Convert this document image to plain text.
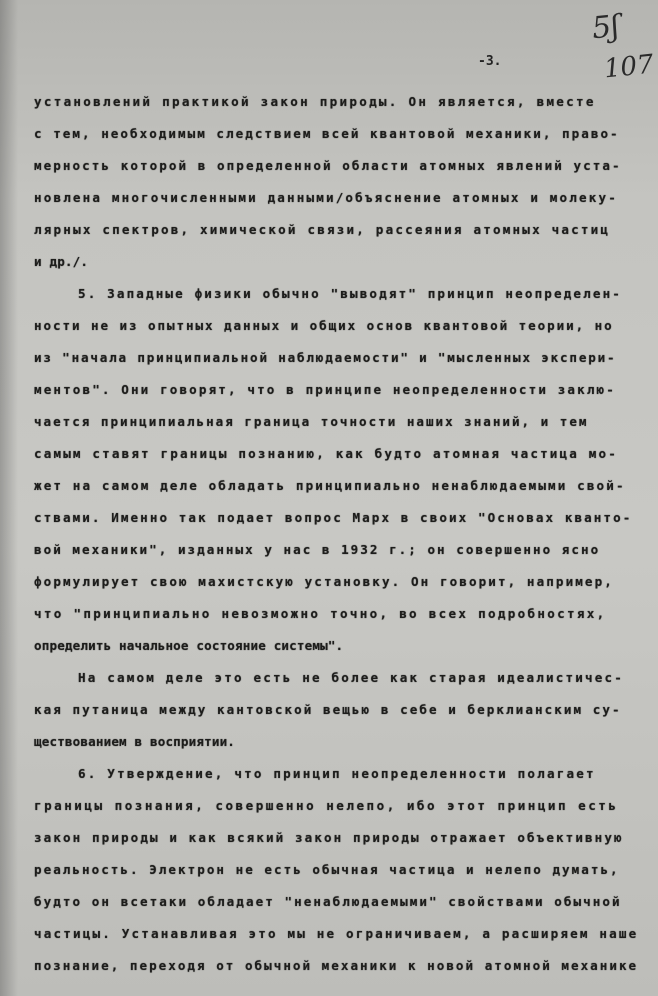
5ʃ
107
-3.
установлений практикой закон природы. Он является, вместе
с тем, необходимым следствием всей квантовой механики, право-
мерность которой в определенной области атомных явлений уста-
новлена многочисленными данными/объяснение атомных и молеку-
лярных спектров, химической связи, рассеяния атомных частиц
и др./.
5. Западные физики обычно "выводят" принцип неопределен-
ности не из опытных данных и общих основ квантовой теории, но
из "начала принципиальной наблюдаемости" и "мысленных экспери-
ментов". Они говорят, что в принципе неопределенности заклю-
чается принципиальная граница точности наших знаний, и тем
самым ставят границы познанию, как будто атомная частица мо-
жет на самом деле обладать принципиально ненаблюдаемыми свой-
ствами. Именно так подает вопрос Марх в своих "Основах кванто-
вой механики", изданных у нас в 1932 г.; он совершенно ясно
формулирует свою махистскую установку. Он говорит, например,
что "принципиально невозможно точно, во всех подробностях,
определить начальное состояние системы".
На самом деле это есть не более как старая идеалистичес-
кая путаница между кантовской вещью в себе и берклианским су-
ществованием в восприятии.
6. Утверждение, что принцип неопределенности полагает
границы познания, совершенно нелепо, ибо этот принцип есть
закон природы и как всякий закон природы отражает объективную
реальность. Электрон не есть обычная частица и нелепо думать,
будто он всетаки обладает "ненаблюдаемыми" свойствами обычной
частицы. Устанавливая это мы не ограничиваем, а расширяем наше
познание, переходя от обычной механики к новой атомной механике
